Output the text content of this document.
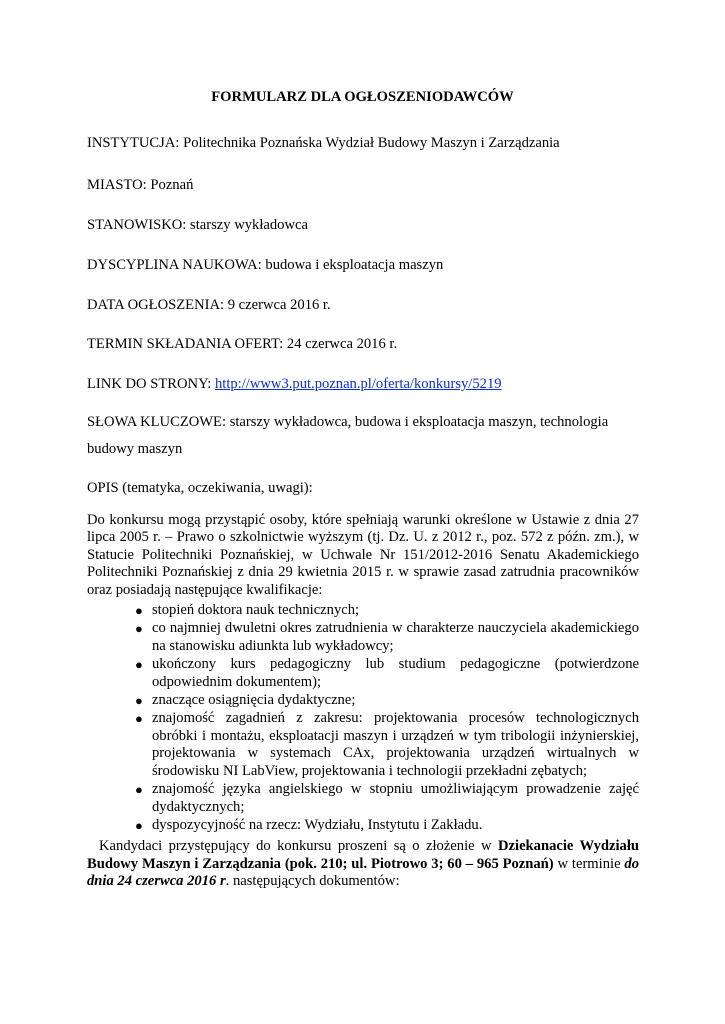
FORMULARZ DLA OGŁOSZENIODAWCÓW
INSTYTUCJA: Politechnika Poznańska Wydział Budowy Maszyn i Zarządzania
MIASTO: Poznań
STANOWISKO: starszy wykładowca
DYSCYPLINA NAUKOWA: budowa i eksploatacja maszyn
DATA OGŁOSZENIA: 9 czerwca 2016 r.
TERMIN SKŁADANIA OFERT: 24 czerwca 2016 r.
LINK DO STRONY: http://www3.put.poznan.pl/oferta/konkursy/5219
SŁOWA KLUCZOWE: starszy wykładowca, budowa i eksploatacja maszyn, technologia budowy maszyn
OPIS (tematyka, oczekiwania, uwagi):

Do konkursu mogą przystąpić osoby, które spełniają warunki określone w Ustawie z dnia 27 lipca 2005 r. – Prawo o szkolnictwie wyższym (tj. Dz. U. z 2012 r., poz. 572 z późn. zm.), w Statucie Politechniki Poznańskiej, w Uchwale Nr 151/2012-2016 Senatu Akademickiego Politechniki Poznańskiej z dnia 29 kwietnia 2015 r. w sprawie zasad zatrudnia pracowników oraz posiadają następujące kwalifikacje:

● stopień doktora nauk technicznych;
● co najmniej dwuletni okres zatrudnienia w charakterze nauczyciela akademickiego na stanowisku adiunkta lub wykładowcy;
● ukończony kurs pedagogiczny lub studium pedagogiczne (potwierdzone odpowiednim dokumentem);
● znaczące osiągnięcia dydaktyczne;
● znajomość zagadnień z zakresu: projektowania procesów technologicznych obróbki i montażu, eksploatacji maszyn i urządzeń w tym tribologii inżynierskiej, projektowania w systemach CAx, projektowania urządzeń wirtualnych w środowisku NI LabView, projektowania i technologii przekładni zębatych;
● znajomość języka angielskiego w stopniu umożliwiającym prowadzenie zajęć dydaktycznych;
● dyspozycyjność na rzecz: Wydziału, Instytutu i Zakładu.

Kandydaci przystępujący do konkursu proszeni są o złożenie w Dziekanacie Wydziału Budowy Maszyn i Zarządzania (pok. 210; ul. Piotrowo 3; 60 – 965 Poznań) w terminie do dnia 24 czerwca 2016 r. następujących dokumentów:
